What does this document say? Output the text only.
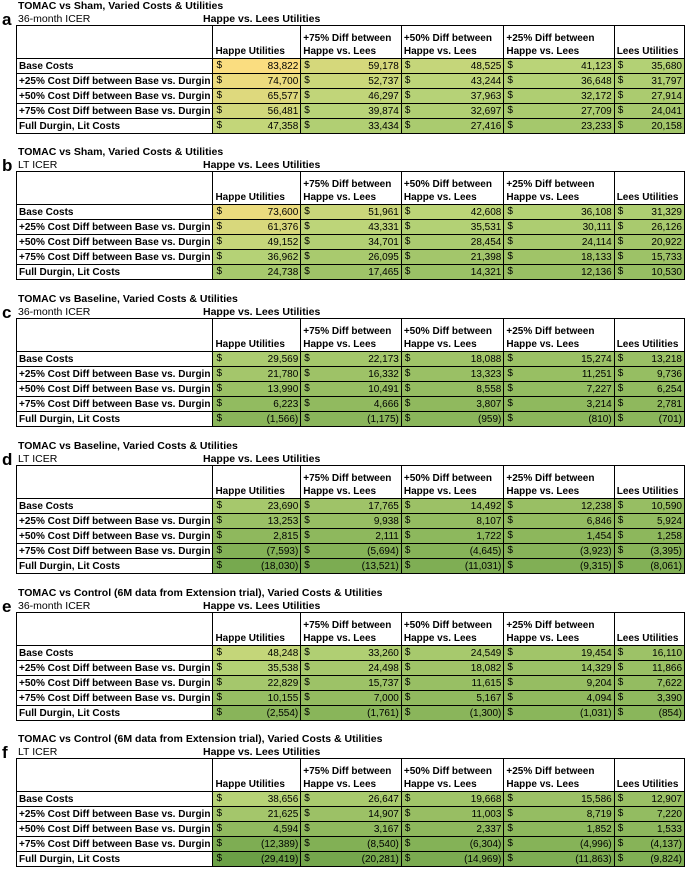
a
TOMAC vs Sham, Varied Costs & Utilities
36-month ICER	Happe vs. Lees Utilities
	Happe Utilities	+75% Diff between Happe vs. Lees	+50% Diff between Happe vs. Lees	+25% Diff between Happe vs. Lees	Lees Utilities
Base Costs	$ 83,822	$ 59,178	$ 48,525	$ 41,123	$ 35,680
+25% Cost Diff between Base vs. Durgin	$ 74,700	$ 52,737	$ 43,244	$ 36,648	$ 31,797
+50% Cost Diff between Base vs. Durgin	$ 65,577	$ 46,297	$ 37,963	$ 32,172	$ 27,914
+75% Cost Diff between Base vs. Durgin	$ 56,481	$ 39,874	$ 32,697	$ 27,709	$ 24,041
Full Durgin, Lit Costs	$ 47,358	$ 33,434	$ 27,416	$ 23,233	$ 20,158
b
TOMAC vs Sham, Varied Costs & Utilities
LT ICER	Happe vs. Lees Utilities
	Happe Utilities	+75% Diff between Happe vs. Lees	+50% Diff between Happe vs. Lees	+25% Diff between Happe vs. Lees	Lees Utilities
Base Costs	$ 73,600	$ 51,961	$ 42,608	$ 36,108	$ 31,329
+25% Cost Diff between Base vs. Durgin	$ 61,376	$ 43,331	$ 35,531	$ 30,111	$ 26,126
+50% Cost Diff between Base vs. Durgin	$ 49,152	$ 34,701	$ 28,454	$ 24,114	$ 20,922
+75% Cost Diff between Base vs. Durgin	$ 36,962	$ 26,095	$ 21,398	$ 18,133	$ 15,733
Full Durgin, Lit Costs	$ 24,738	$ 17,465	$ 14,321	$ 12,136	$ 10,530
c
TOMAC vs Baseline, Varied Costs & Utilities
36-month ICER	Happe vs. Lees Utilities
	Happe Utilities	+75% Diff between Happe vs. Lees	+50% Diff between Happe vs. Lees	+25% Diff between Happe vs. Lees	Lees Utilities
Base Costs	$ 29,569	$ 22,173	$ 18,088	$ 15,274	$ 13,218
+25% Cost Diff between Base vs. Durgin	$ 21,780	$ 16,332	$ 13,323	$ 11,251	$ 9,736
+50% Cost Diff between Base vs. Durgin	$ 13,990	$ 10,491	$ 8,558	$ 7,227	$ 6,254
+75% Cost Diff between Base vs. Durgin	$ 6,223	$ 4,666	$ 3,807	$ 3,214	$ 2,781
Full Durgin, Lit Costs	$ (1,566)	$ (1,175)	$ (959)	$ (810)	$ (701)
d
TOMAC vs Baseline, Varied Costs & Utilities
LT ICER	Happe vs. Lees Utilities
	Happe Utilities	+75% Diff between Happe vs. Lees	+50% Diff between Happe vs. Lees	+25% Diff between Happe vs. Lees	Lees Utilities
Base Costs	$ 23,690	$ 17,765	$ 14,492	$ 12,238	$ 10,590
+25% Cost Diff between Base vs. Durgin	$ 13,253	$ 9,938	$ 8,107	$ 6,846	$ 5,924
+50% Cost Diff between Base vs. Durgin	$ 2,815	$ 2,111	$ 1,722	$ 1,454	$ 1,258
+75% Cost Diff between Base vs. Durgin	$ (7,593)	$ (5,694)	$ (4,645)	$ (3,923)	$ (3,395)
Full Durgin, Lit Costs	$ (18,030)	$ (13,521)	$ (11,031)	$ (9,315)	$ (8,061)
e
TOMAC vs Control (6M data from Extension trial), Varied Costs & Utilities
36-month ICER	Happe vs. Lees Utilities
	Happe Utilities	+75% Diff between Happe vs. Lees	+50% Diff between Happe vs. Lees	+25% Diff between Happe vs. Lees	Lees Utilities
Base Costs	$ 48,248	$ 33,260	$ 24,549	$ 19,454	$ 16,110
+25% Cost Diff between Base vs. Durgin	$ 35,538	$ 24,498	$ 18,082	$ 14,329	$ 11,866
+50% Cost Diff between Base vs. Durgin	$ 22,829	$ 15,737	$ 11,615	$ 9,204	$ 7,622
+75% Cost Diff between Base vs. Durgin	$ 10,155	$ 7,000	$ 5,167	$ 4,094	$ 3,390
Full Durgin, Lit Costs	$ (2,554)	$ (1,761)	$ (1,300)	$ (1,031)	$ (854)
f
TOMAC vs Control (6M data from Extension trial), Varied Costs & Utilities
LT ICER	Happe vs. Lees Utilities
	Happe Utilities	+75% Diff between Happe vs. Lees	+50% Diff between Happe vs. Lees	+25% Diff between Happe vs. Lees	Lees Utilities
Base Costs	$ 38,656	$ 26,647	$ 19,668	$ 15,586	$ 12,907
+25% Cost Diff between Base vs. Durgin	$ 21,625	$ 14,907	$ 11,003	$ 8,719	$ 7,220
+50% Cost Diff between Base vs. Durgin	$ 4,594	$ 3,167	$ 2,337	$ 1,852	$ 1,533
+75% Cost Diff between Base vs. Durgin	$ (12,389)	$ (8,540)	$ (6,304)	$ (4,996)	$ (4,137)
Full Durgin, Lit Costs	$ (29,419)	$ (20,281)	$ (14,969)	$ (11,863)	$ (9,824)
